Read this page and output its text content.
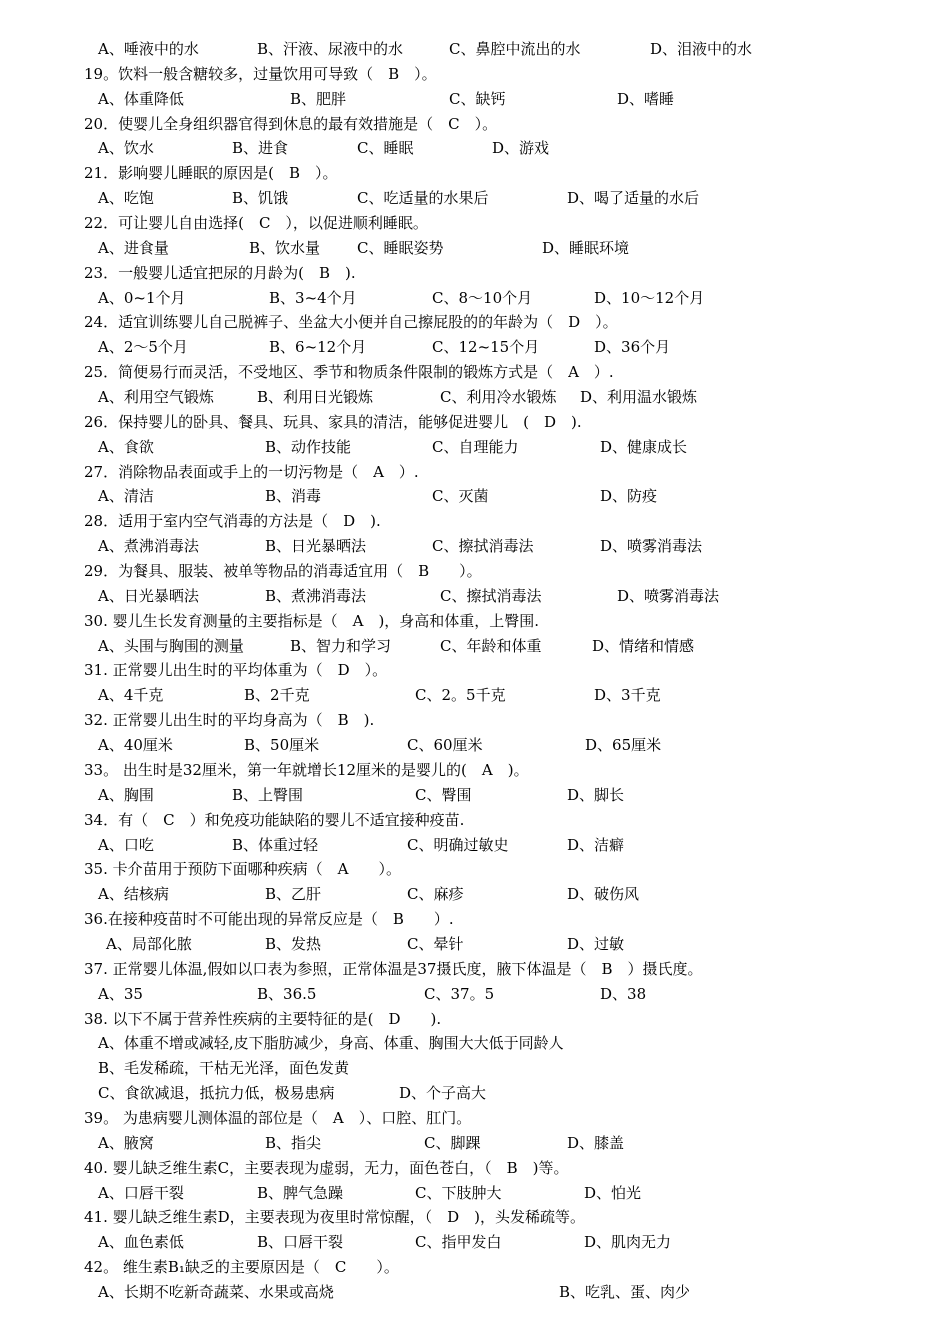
A、唾液中的水	B、汗液、尿液中的水	C、鼻腔中流出的水	D、泪液中的水
19。饮料一般含糖较多，过量饮用可导致（　B　）。
A、体重降低	B、肥胖	C、缺钙	D、嗜睡
20．使婴儿全身组织器官得到休息的最有效措施是（　C　）。
A、饮水	B、进食	C、睡眠	D、游戏
21．影响婴儿睡眠的原因是(　B　）。
A、吃饱	B、饥饿	C、吃适量的水果后	D、喝了适量的水后
22．可让婴儿自由选择(　C　），以促进顺利睡眠。
A、进食量	B、饮水量 C、睡眠姿势	D、睡眠环境
23．一般婴儿适宜把尿的月龄为(　B　).
A、0~1个月	B、3~4个月	C、8～10个月	D、10～12个月
24．适宜训练婴儿自己脱裤子、坐盆大小便并自己擦屁股的的年龄为（　D　）。
A、2～5个月	B、6~12个月	C、12~15个月	D、36个月
25．简便易行而灵活，不受地区、季节和物质条件限制的锻炼方式是（　A　）.
A、利用空气锻炼	B、利用日光锻炼	C、利用冷水锻炼 D、利用温水锻炼
26．保持婴儿的卧具、餐具、玩具、家具的清洁，能够促进婴儿　(　D　).
A、食欲	B、动作技能	C、自理能力	D、健康成长
27．消除物品表面或手上的一切污物是（　A　）.
A、清洁	B、消毒	C、灭菌	D、防疫
28．适用于室内空气消毒的方法是（　D　).
A、煮沸消毒法	B、日光暴晒法	C、擦拭消毒法	D、喷雾消毒法
29．为餐具、服装、被单等物品的消毒适宜用（　B　　）。
A、日光暴晒法	B、煮沸消毒法	C、擦拭消毒法	D、喷雾消毒法
30. 婴儿生长发育测量的主要指标是（　A　)，身高和体重，上臀围.
A、头围与胸围的测量	B、智力和学习	C、年龄和体重	D、情绪和情感
31. 正常婴儿出生时的平均体重为（　D　）。
A、4千克	B、2千克	C、2。5千克	D、3千克
32. 正常婴儿出生时的平均身高为（　B　).
A、40厘米	B、50厘米	C、60厘米	D、65厘米
33。 出生时是32厘米，第一年就增长12厘米的是婴儿的(　A　)。
A、胸围	B、上臀围	C、臀围	D、脚长
34．有（　C　）和免疫功能缺陷的婴儿不适宜接种疫苗.
A、口吃	B、体重过轻	C、明确过敏史	D、洁癖
35. 卡介苗用于预防下面哪种疾病（　A　　）。
A、结核病	B、乙肝	C、麻疹	D、破伤风
36.在接种疫苗时不可能出现的异常反应是（　B　　）.
A、局部化脓	B、发热	C、晕针	D、过敏
37. 正常婴儿体温,假如以口表为参照，正常体温是37摄氏度，腋下体温是（　B　）摄氏度。
A、35	B、36.5	C、37。5	D、38
38. 以下不属于营养性疾病的主要特征的是(　D　　).
A、体重不增或减轻,皮下脂肪减少，身高、体重、胸围大大低于同龄人
B、毛发稀疏，干枯无光泽，面色发黄
C、食欲减退，抵抗力低，极易患病	D、个子高大
39。 为患病婴儿测体温的部位是（　A　）、口腔、肛门。
A、腋窝	B、指尖	C、脚踝	D、膝盖
40. 婴儿缺乏维生素C，主要表现为虚弱，无力，面色苍白，（　B　)等。
A、口唇干裂	B、脾气急躁	C、下肢肿大	D、怕光
41. 婴儿缺乏维生素D，主要表现为夜里时常惊醒，（　D　)，头发稀疏等。
A、血色素低	B、口唇干裂	C、指甲发白	D、肌肉无力
42。 维生素B₁缺乏的主要原因是（　C　　）。
A、长期不吃新奇蔬菜、水果或高烧	B、吃乳、蛋、肉少
